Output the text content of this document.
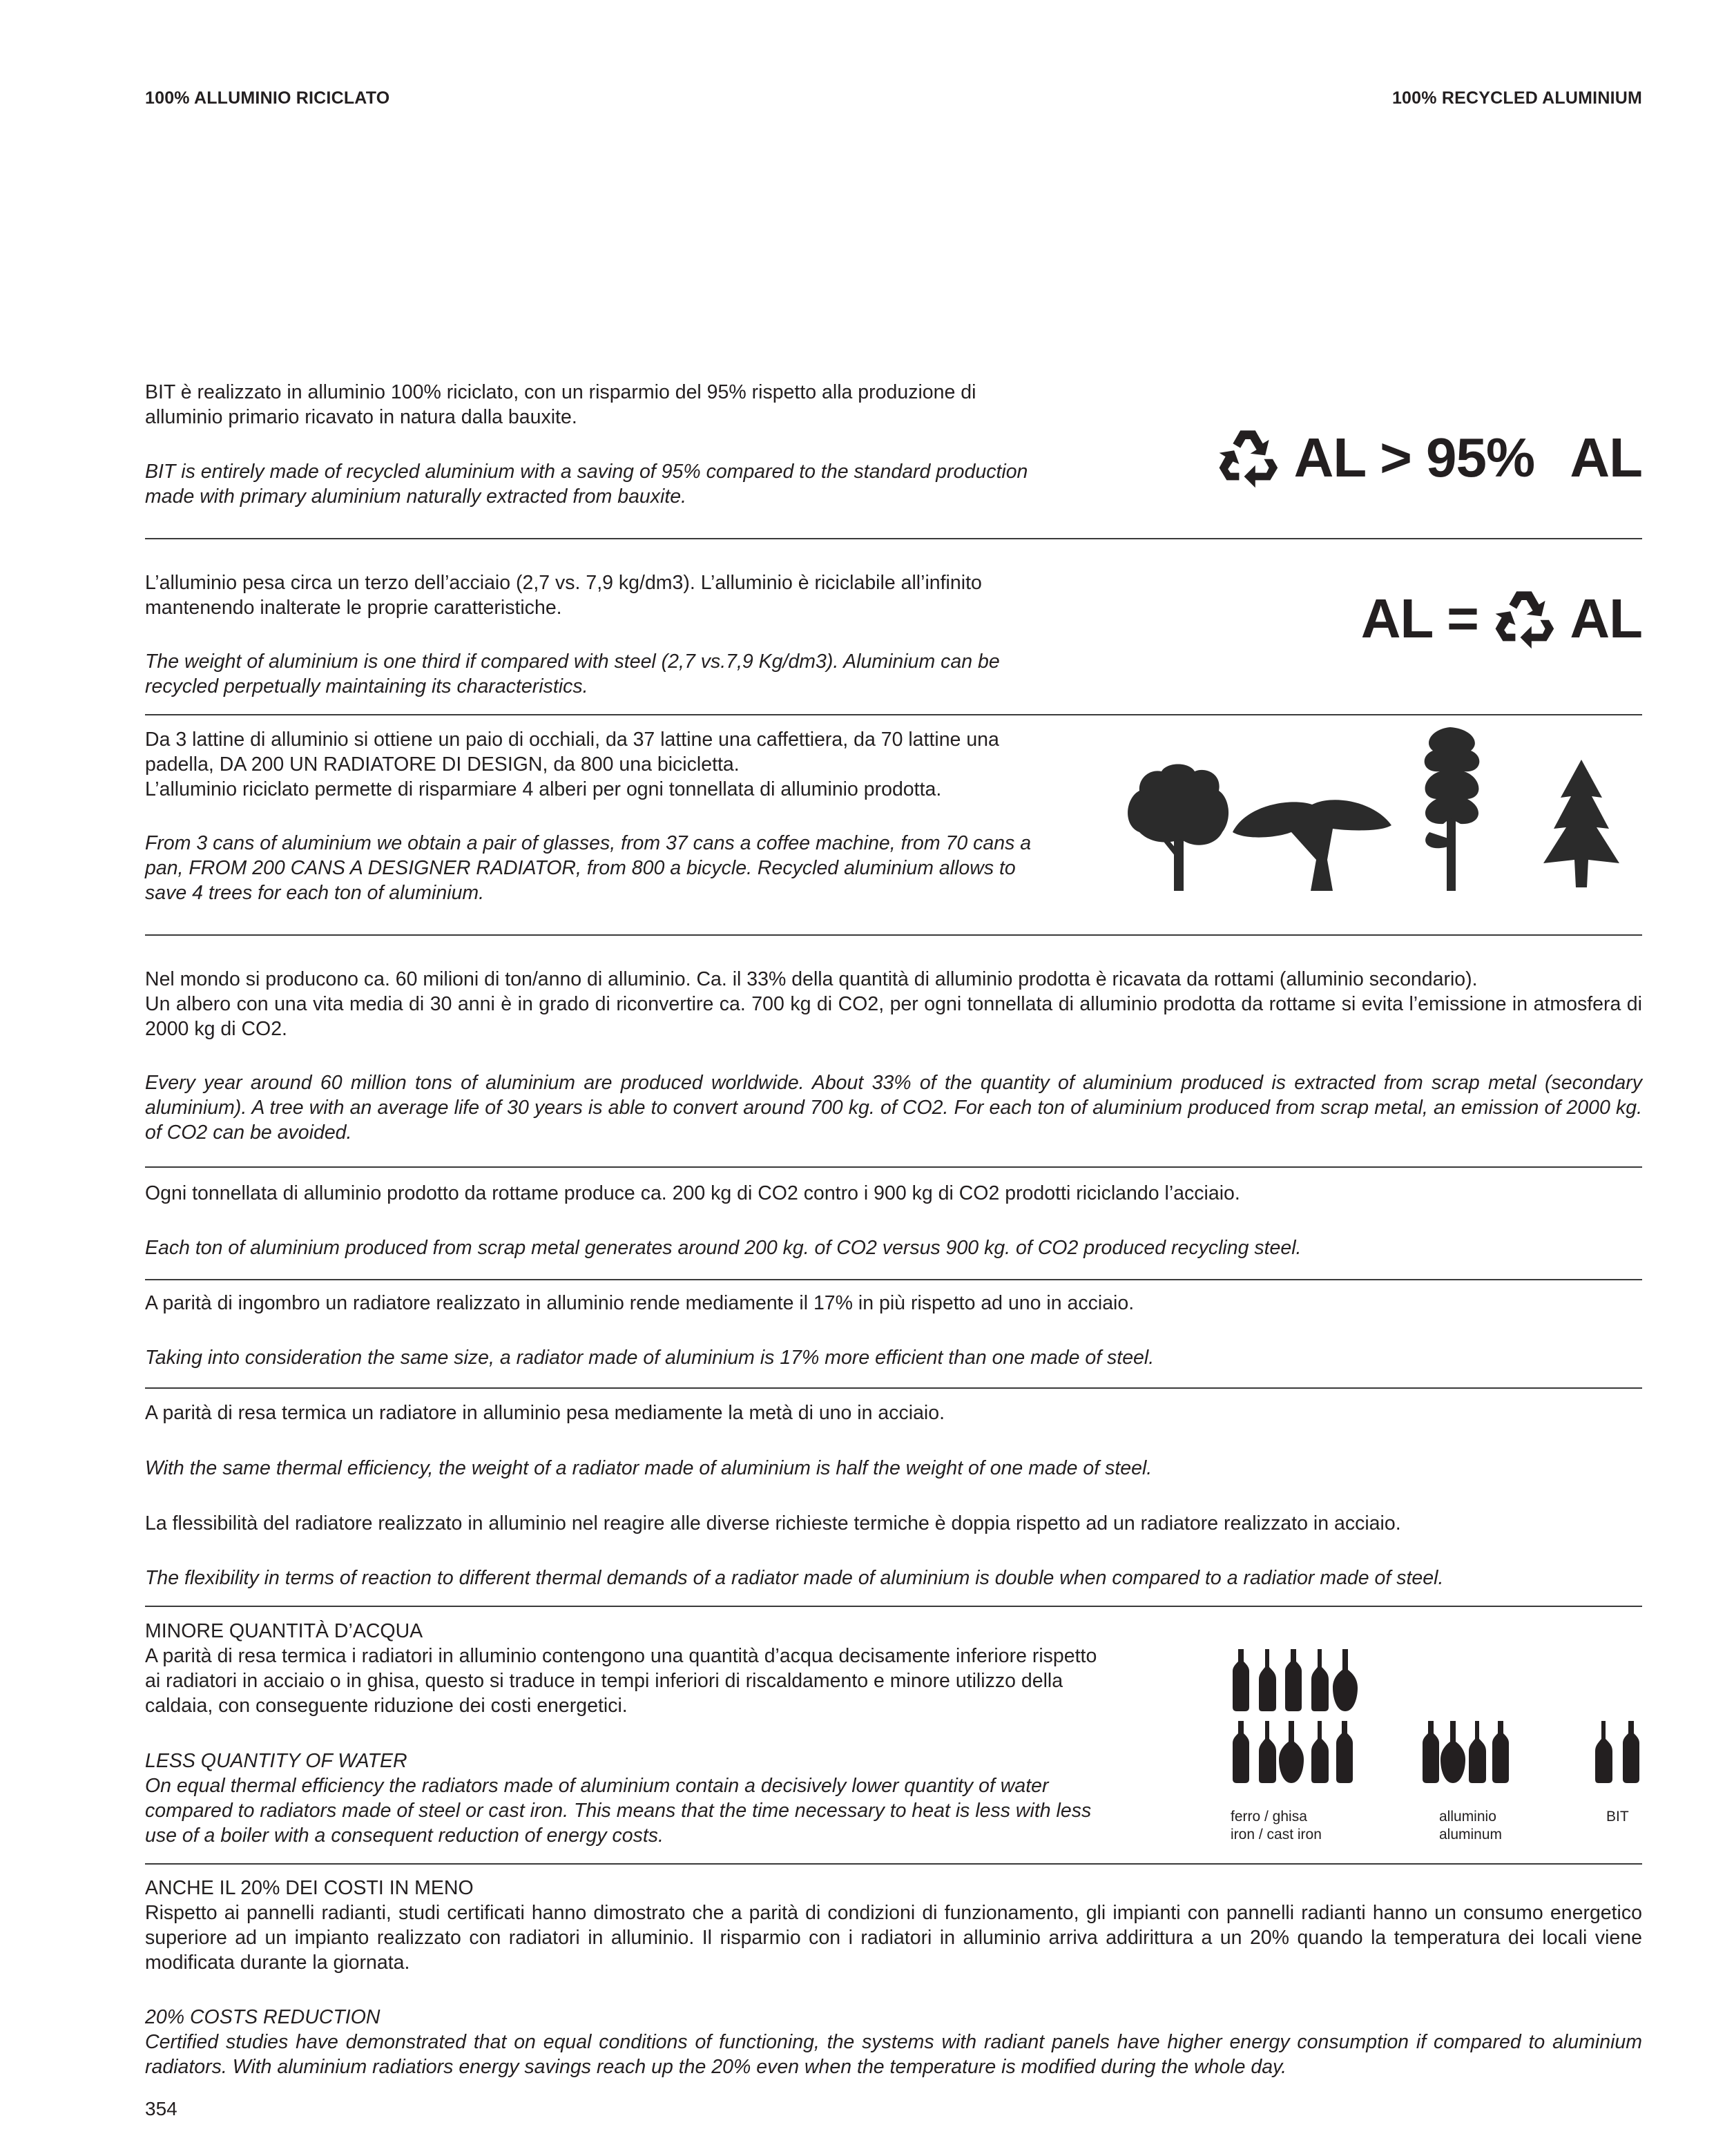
100% ALLUMINIO RICICLATO	100% RECYCLED ALUMINIUM
BIT è realizzato in alluminio 100% riciclato, con un risparmio del 95% rispetto alla produzione di alluminio primario ricavato in natura dalla bauxite.
BIT is entirely made of recycled aluminium with a saving of 95% compared to the standard production made with primary aluminium naturally extracted from bauxite.
AL > 95% AL
L’alluminio pesa circa un terzo dell’acciaio (2,7 vs. 7,9 kg/dm3). L’alluminio è riciclabile all’infinito mantenendo inalterate le proprie caratteristiche.
The weight of aluminium is one third if compared with steel (2,7 vs.7,9 Kg/dm3). Aluminium can be recycled perpetually maintaining its characteristics.
AL = AL
Da 3 lattine di alluminio si ottiene un paio di occhiali, da 37 lattine una caffettiera, da 70 lattine una padella, DA 200 UN RADIATORE DI DESIGN, da 800 una bicicletta.
L’alluminio riciclato permette di risparmiare 4 alberi per ogni tonnellata di alluminio prodotta.
From 3 cans of aluminium we obtain a pair of glasses, from 37 cans a coffee machine, from 70 cans a pan, FROM 200 CANS A DESIGNER RADIATOR, from 800 a bicycle. Recycled aluminium allows to save 4 trees for each ton of aluminium.
Nel mondo si producono ca. 60 milioni di ton/anno di alluminio. Ca. il 33% della quantità di alluminio prodotta è ricavata da rottami (alluminio secondario).
Un albero con una vita media di 30 anni è in grado di riconvertire ca. 700 kg di CO2, per ogni tonnellata di alluminio prodotta da rottame si evita l’emissione in atmosfera di 2000 kg di CO2.
Every year around 60 million tons of aluminium are produced worldwide. About 33% of the quantity of aluminium produced is extracted from scrap metal (secondary aluminium). A tree with an average life of 30 years is able to convert around 700 kg. of CO2. For each ton of aluminium produced from scrap metal, an emission of 2000 kg. of CO2 can be avoided.
Ogni tonnellata di alluminio prodotto da rottame produce ca. 200 kg di CO2 contro i 900 kg di CO2 prodotti riciclando l’acciaio.
Each ton of aluminium produced from scrap metal generates around 200 kg. of CO2 versus 900 kg. of CO2 produced recycling steel.
A parità di ingombro un radiatore realizzato in alluminio rende mediamente il 17% in più rispetto ad uno in acciaio.
Taking into consideration the same size, a radiator made of aluminium is 17% more efficient than one made of steel.
A parità di resa termica un radiatore in alluminio pesa mediamente la metà di uno in acciaio.
With the same thermal efficiency, the weight of a radiator made of aluminium is half the weight of one made of steel.
La flessibilità del radiatore realizzato in alluminio nel reagire alle diverse richieste termiche è doppia rispetto ad un radiatore realizzato in acciaio.
The flexibility in terms of reaction to different thermal demands of a radiator made of aluminium is double when compared to a radiatior made of steel.
MINORE QUANTITÀ D’ACQUA
A parità di resa termica i radiatori in alluminio contengono una quantità d’acqua decisamente inferiore rispetto ai radiatori in acciaio o in ghisa, questo si traduce in tempi inferiori di riscaldamento e minore utilizzo della caldaia, con conseguente riduzione dei costi energetici.
LESS QUANTITY OF WATER
On equal thermal efficiency the radiators made of aluminium contain a decisively lower quantity of water compared to radiators made of steel or cast iron. This means that the time necessary to heat is less with less use of a boiler with a consequent reduction of energy costs.
ferro / ghisa
iron / cast iron
alluminio
aluminum
BIT
ANCHE IL 20% DEI COSTI IN MENO
Rispetto ai pannelli radianti, studi certificati hanno dimostrato che a parità di condizioni di funzionamento, gli impianti con pannelli radianti hanno un consumo energetico superiore ad un impianto realizzato con radiatori in alluminio. Il risparmio con i radiatori in alluminio arriva addirittura a un 20% quando la temperatura dei locali viene modificata durante la giornata.
20% COSTS REDUCTION
Certified studies have demonstrated that on equal conditions of functioning, the systems with radiant panels have higher energy consumption if compared to aluminium radiators. With aluminium radiatiors energy savings reach up the 20% even when the temperature is modified during the whole day.
354
